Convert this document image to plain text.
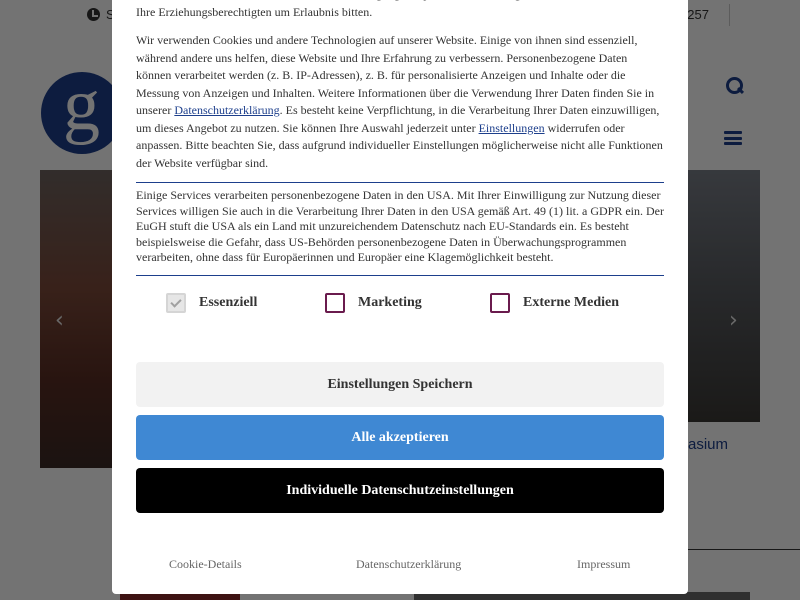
Ihre Erziehungsberechtigten um Erlaubnis bitten.

Wir verwenden Cookies und andere Technologien auf unserer Website. Einige von ihnen sind essenziell, während andere uns helfen, diese Website und Ihre Erfahrung zu verbessern. Personenbezogene Daten können verarbeitet werden (z. B. IP-Adressen), z. B. für personalisierte Anzeigen und Inhalte oder die Messung von Anzeigen und Inhalten. Weitere Informationen über die Verwendung Ihrer Daten finden Sie in unserer Datenschutzerklärung. Es besteht keine Verpflichtung, in die Verarbeitung Ihrer Daten einzuwilligen, um dieses Angebot zu nutzen. Sie können Ihre Auswahl jederzeit unter Einstellungen widerrufen oder anpassen. Bitte beachten Sie, dass aufgrund individueller Einstellungen möglicherweise nicht alle Funktionen der Website verfügbar sind.

Einige Services verarbeiten personenbezogene Daten in den USA. Mit Ihrer Einwilligung zur Nutzung dieser Services willigen Sie auch in die Verarbeitung Ihrer Daten in den USA gemäß Art. 49 (1) lit. a GDPR ein. Der EuGH stuft die USA als ein Land mit unzureichendem Datenschutz nach EU-Standards ein. Es besteht beispielsweise die Gefahr, dass US-Behörden personenbezogene Daten in Überwachungsprogrammen verarbeiten, ohne dass für Europäerinnen und Europäer eine Klagemöglichkeit besteht.

Essenziell	Marketing	Externe Medien
Einstellungen Speichern
Alle akzeptieren
Individuelle Datenschutzeinstellungen
Cookie-Details	Datenschutzerklärung	Impressum
